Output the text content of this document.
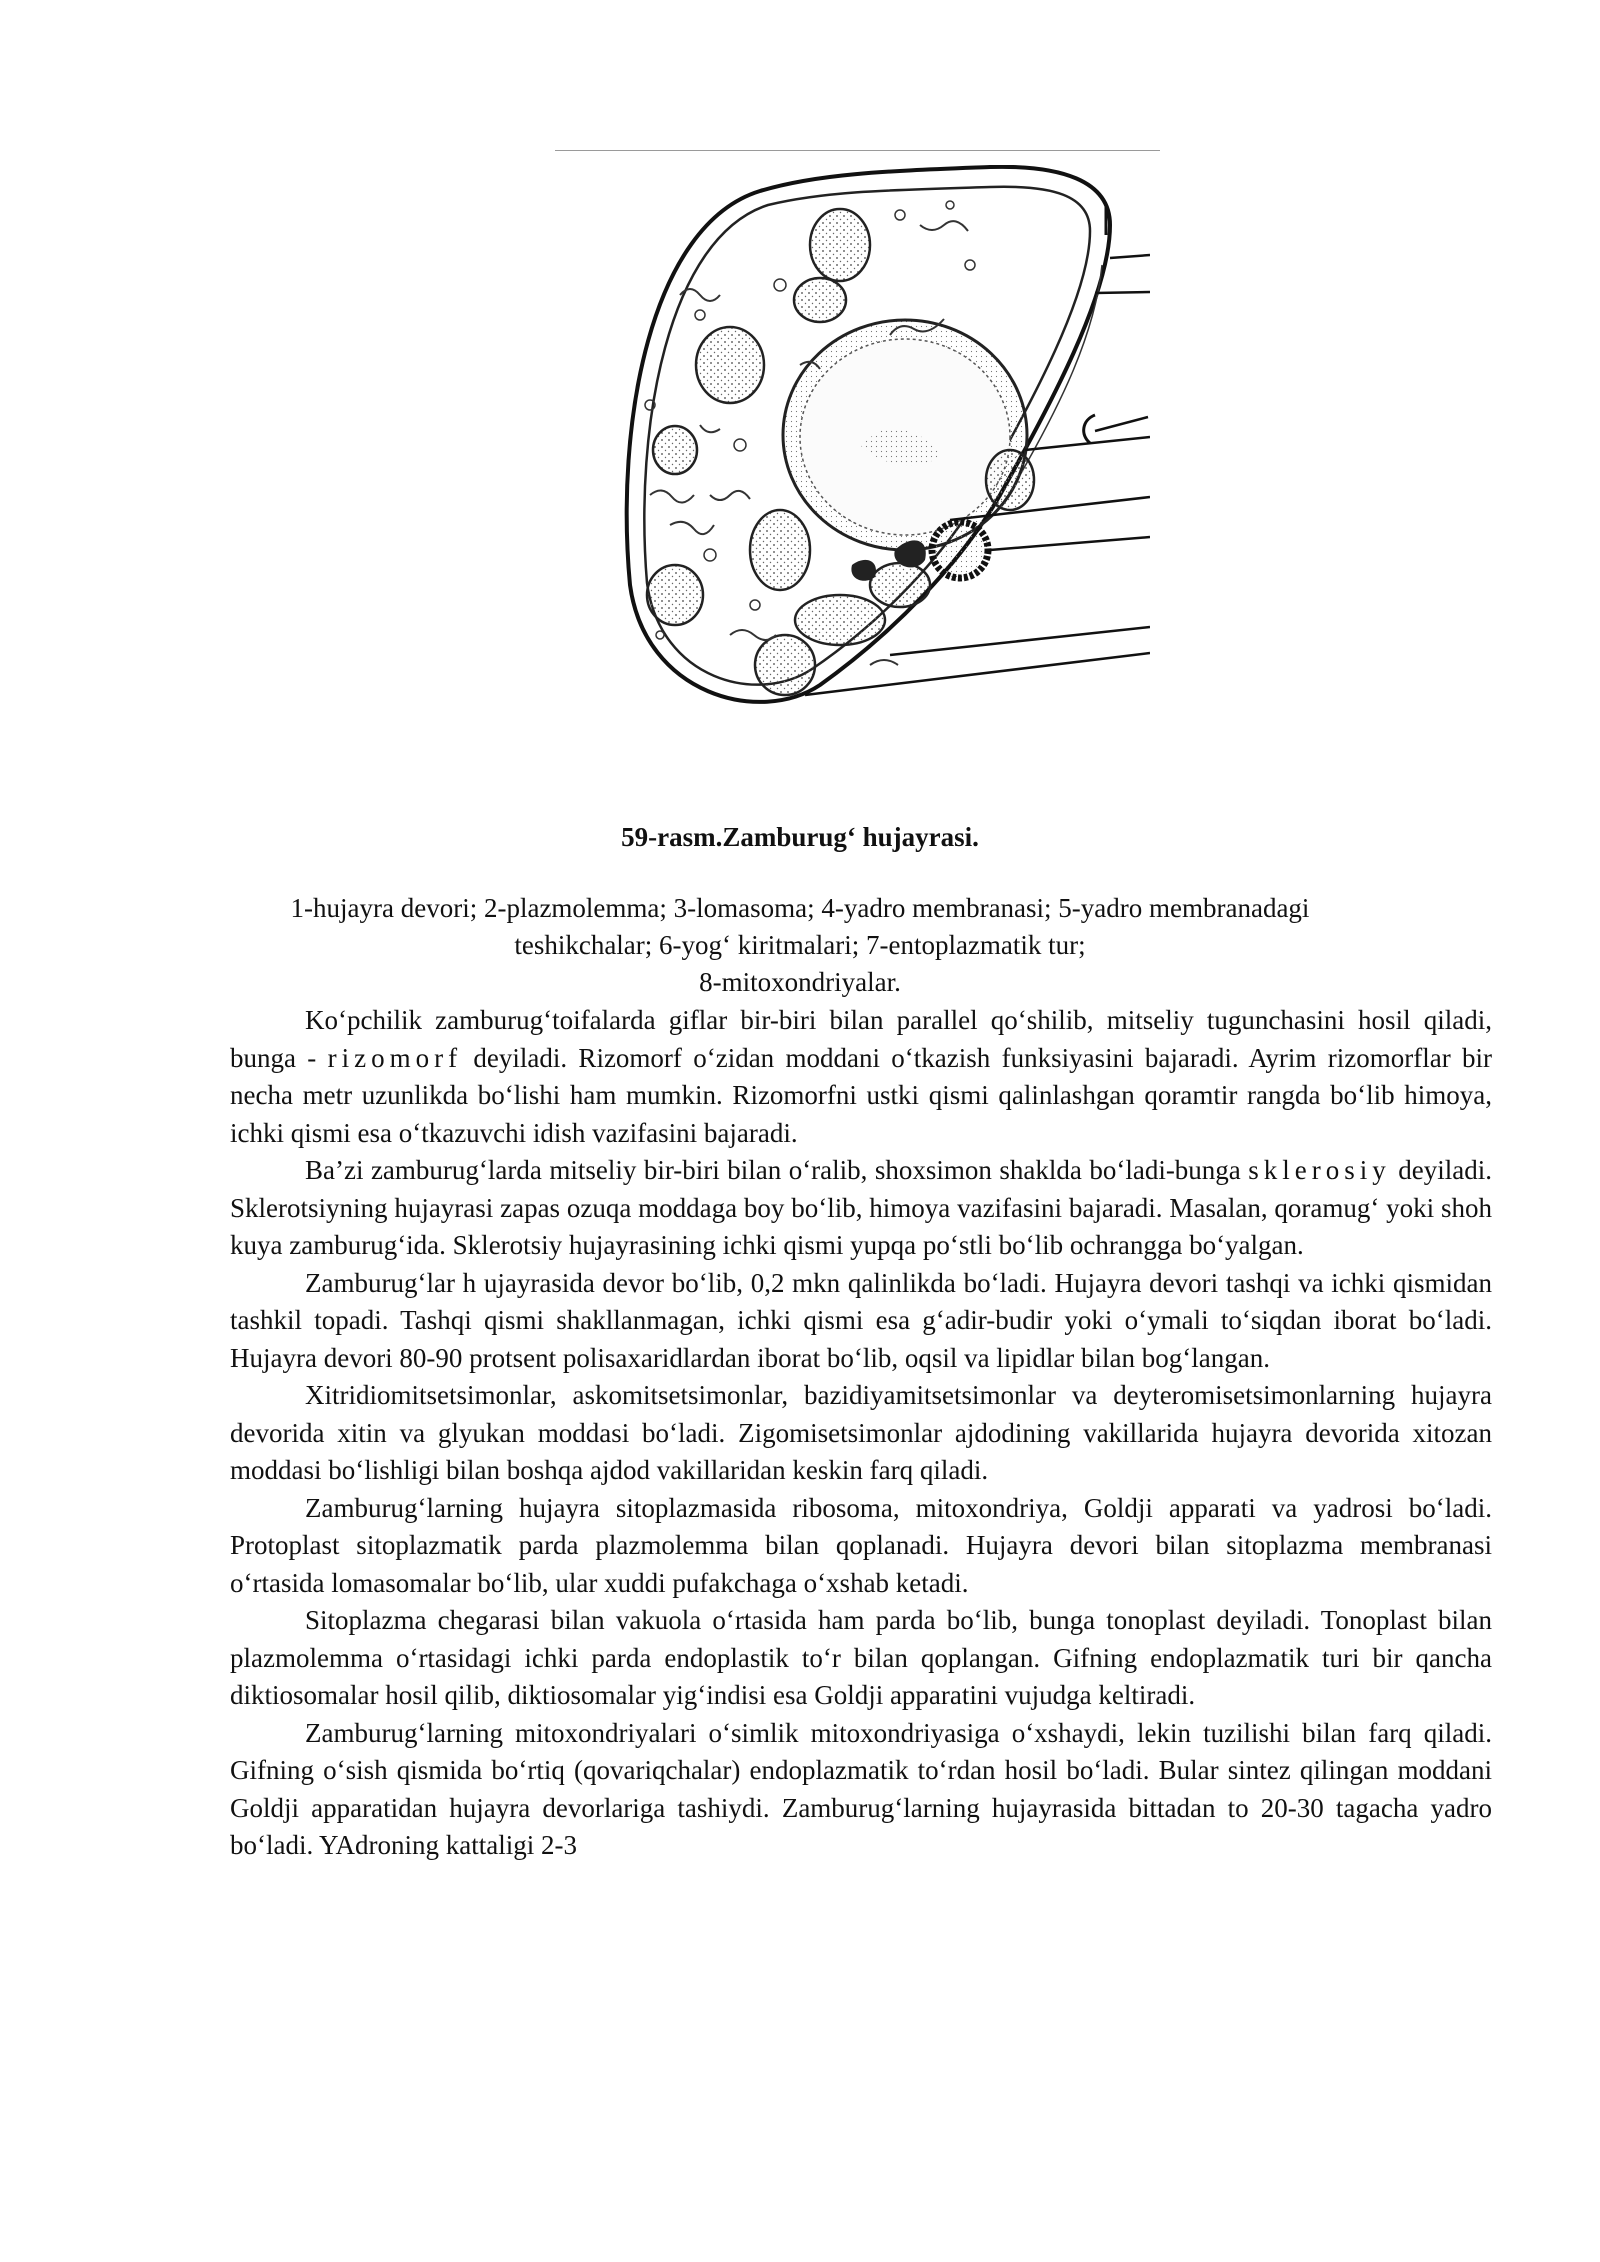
59-rasm.Zamburug‘ hujayrasi.
1-hujayra devori; 2-plazmolemma; 3-lomasoma; 4-yadro membranasi; 5-yadro membranadagi
teshikchalar; 6-yog‘ kiritmalari; 7-entoplazmatik tur;
8-mitoxondriyalar.

Ko‘pchilik zamburug‘toifalarda giflar bir-biri bilan parallel qo‘shilib, mitseliy tugunchasini hosil qiladi, bunga - rizomorf deyiladi. Rizomorf o‘zidan moddani o‘tkazish funksiyasini bajaradi. Ayrim rizomorflar bir necha metr uzunlikda bo‘lishi ham mumkin. Rizomorfni ustki qismi qalinlashgan qoramtir rangda bo‘lib himoya, ichki qismi esa o‘tkazuvchi idish vazifasini bajaradi.

Ba’zi zamburug‘larda mitseliy bir-biri bilan o‘ralib, shoxsimon shaklda bo‘ladi-bunga sklerosiy deyiladi. Sklerotsiyning hujayrasi zapas ozuqa moddaga boy bo‘lib, himoya vazifasini bajaradi. Masalan, qoramug‘ yoki shoh kuya zamburug‘ida. Sklerotsiy hujayrasining ichki qismi yupqa po‘stli bo‘lib ochrangga bo‘yalgan.

Zamburug‘lar h ujayrasida devor bo‘lib, 0,2 mkn qalinlikda bo‘ladi. Hujayra devori tashqi va ichki qismidan tashkil topadi. Tashqi qismi shakllanmagan, ichki qismi esa g‘adir-budir yoki o‘ymali to‘siqdan iborat bo‘ladi. Hujayra devori 80-90 protsent polisaxaridlardan iborat bo‘lib, oqsil va lipidlar bilan bog‘langan.

Xitridiomitsetsimonlar, askomitsetsimonlar, bazidiyamitsetsimonlar va deyteromisetsimonlarning hujayra devorida xitin va glyukan moddasi bo‘ladi. Zigomisetsimonlar ajdodining vakillarida hujayra devorida xitozan moddasi bo‘lishligi bilan boshqa ajdod vakillaridan keskin farq qiladi.

Zamburug‘larning hujayra sitoplazmasida ribosoma, mitoxondriya, Goldji apparati va yadrosi bo‘ladi. Protoplast sitoplazmatik parda plazmolemma bilan qoplanadi. Hujayra devori bilan sitoplazma membranasi o‘rtasida lomasomalar bo‘lib, ular xuddi pufakchaga o‘xshab ketadi.

Sitoplazma chegarasi bilan vakuola o‘rtasida ham parda bo‘lib, bunga tonoplast deyiladi. Tonoplast bilan plazmolemma o‘rtasidagi ichki parda endoplastik to‘r bilan qoplangan. Gifning endoplazmatik turi bir qancha diktiosomalar hosil qilib, diktiosomalar yig‘indisi esa Goldji apparatini vujudga keltiradi.

Zamburug‘larning mitoxondriyalari o‘simlik mitoxondriyasiga o‘xshaydi, lekin tuzilishi bilan farq qiladi. Gifning o‘sish qismida bo‘rtiq (qovariqchalar) endoplazmatik to‘rdan hosil bo‘ladi. Bular sintez qilingan moddani Goldji apparatidan hujayra devorlariga tashiydi. Zamburug‘larning hujayrasida bittadan to 20-30 tagacha yadro bo‘ladi. YAdroning kattaligi 2-3
